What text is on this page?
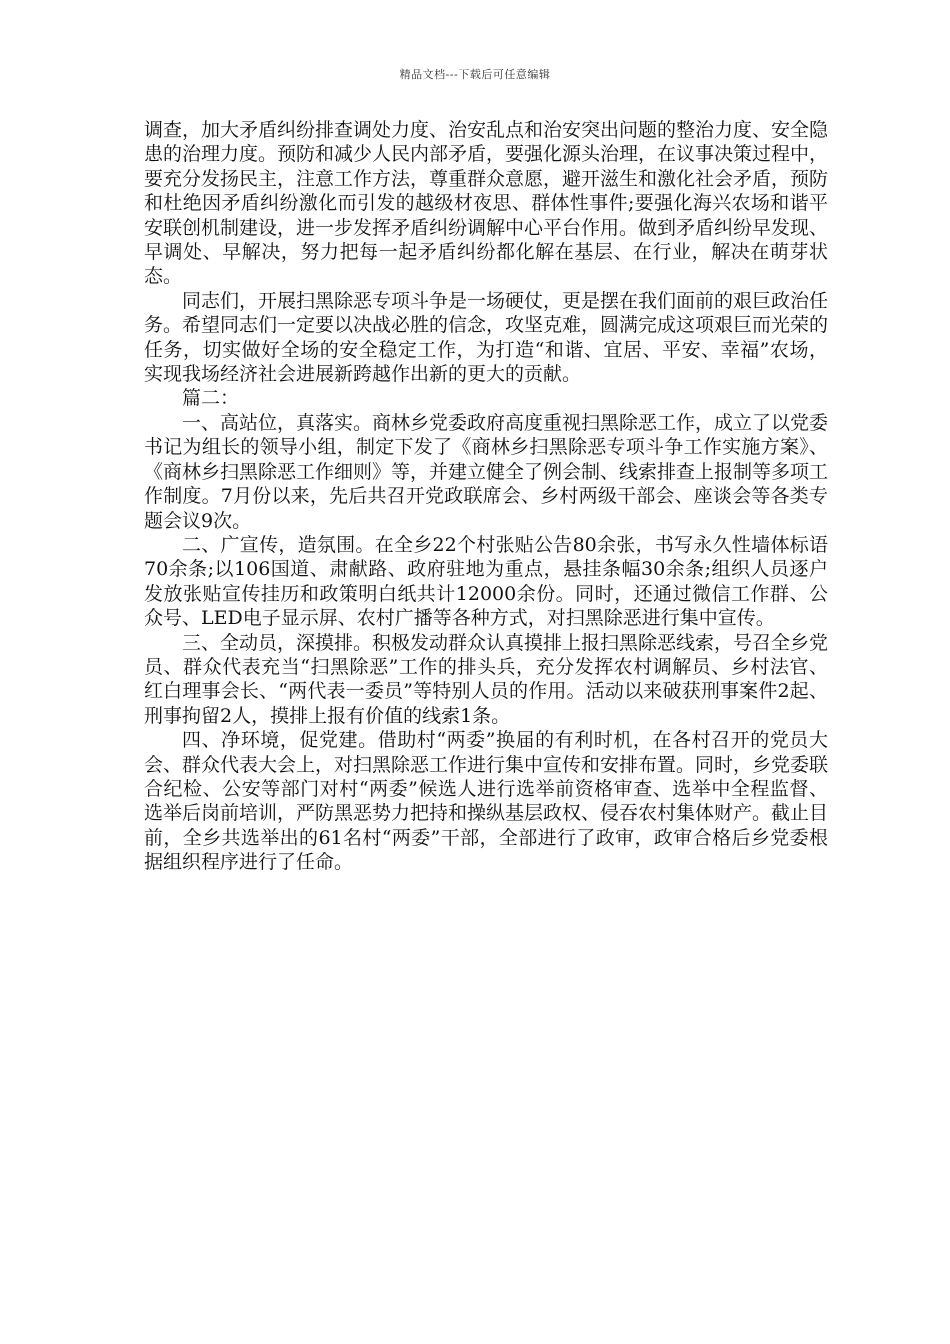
精品文档---下载后可任意编辑

调查，加大矛盾纠纷排查调处力度、治安乱点和治安突出问题的整治力度、安全隐患的治理力度。预防和减少人民内部矛盾，要强化源头治理，在议事决策过程中，要充分发扬民主，注意工作方法，尊重群众意愿，避开滋生和激化社会矛盾，预防和杜绝因矛盾纠纷激化而引发的越级材夜思、群体性事件;要强化海兴农场和谐平安联创机制建设，进一步发挥矛盾纠纷调解中心平台作用。做到矛盾纠纷早发现、早调处、早解决，努力把每一起矛盾纠纷都化解在基层、在行业，解决在萌芽状态。

同志们，开展扫黑除恶专项斗争是一场硬仗，更是摆在我们面前的艰巨政治任务。希望同志们一定要以决战必胜的信念，攻坚克难，圆满完成这项艰巨而光荣的任务，切实做好全场的安全稳定工作，为打造“和谐、宜居、平安、幸福”农场，实现我场经济社会进展新跨越作出新的更大的贡献。

篇二：

一、高站位，真落实。商林乡党委政府高度重视扫黑除恶工作，成立了以党委书记为组长的领导小组，制定下发了《商林乡扫黑除恶专项斗争工作实施方案》、《商林乡扫黑除恶工作细则》等，并建立健全了例会制、线索排查上报制等多项工作制度。7月份以来，先后共召开党政联席会、乡村两级干部会、座谈会等各类专题会议9次。

二、广宣传，造氛围。在全乡22个村张贴公告80余张，书写永久性墙体标语70余条;以106国道、肃献路、政府驻地为重点，悬挂条幅30余条;组织人员逐户发放张贴宣传挂历和政策明白纸共计12000余份。同时，还通过微信工作群、公众号、LED电子显示屏、农村广播等各种方式，对扫黑除恶进行集中宣传。

三、全动员，深摸排。积极发动群众认真摸排上报扫黑除恶线索，号召全乡党员、群众代表充当“扫黑除恶”工作的排头兵，充分发挥农村调解员、乡村法官、红白理事会长、“两代表一委员”等特别人员的作用。活动以来破获刑事案件2起、刑事拘留2人，摸排上报有价值的线索1条。

四、净环境，促党建。借助村“两委”换届的有利时机，在各村召开的党员大会、群众代表大会上，对扫黑除恶工作进行集中宣传和安排布置。同时，乡党委联合纪检、公安等部门对村“两委”候选人进行选举前资格审查、选举中全程监督、选举后岗前培训，严防黑恶势力把持和操纵基层政权、侵吞农村集体财产。截止目前，全乡共选举出的61名村“两委”干部，全部进行了政审，政审合格后乡党委根据组织程序进行了任命。
